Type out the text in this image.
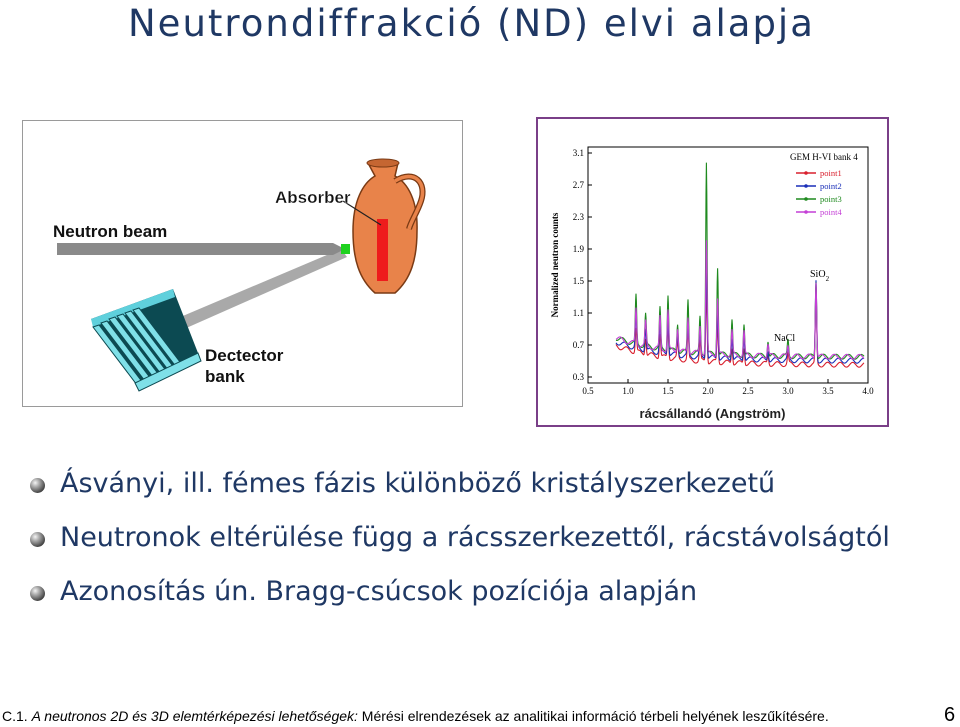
Neutrondiffrakció (ND) elvi alapja
Absorber
Neutron beam
Dectector
bank
3.1
2.7
2.3
1.9
1.5
1.1
0.7
0.3
0.5	1.0	1.5	2.0	2.5	3.0	3.5	4.0
Normalized neutron counts
GEM H-VI bank 4
point1
point2
point3
point4
NaCl
SiO$_2$
rácsállandó (Angström)
Ásványi, ill. fémes fázis különböző kristályszerkezetű
Neutronok eltérülése függ a rácsszerkezettől, rácstávolságtól
Azonosítás ún. Bragg-csúcsok pozíciója alapján
C.1. A neutronos 2D és 3D elemtérképezési lehetőségek: Mérési elrendezések az analitikai információ térbeli helyének leszűkítésére.	6
